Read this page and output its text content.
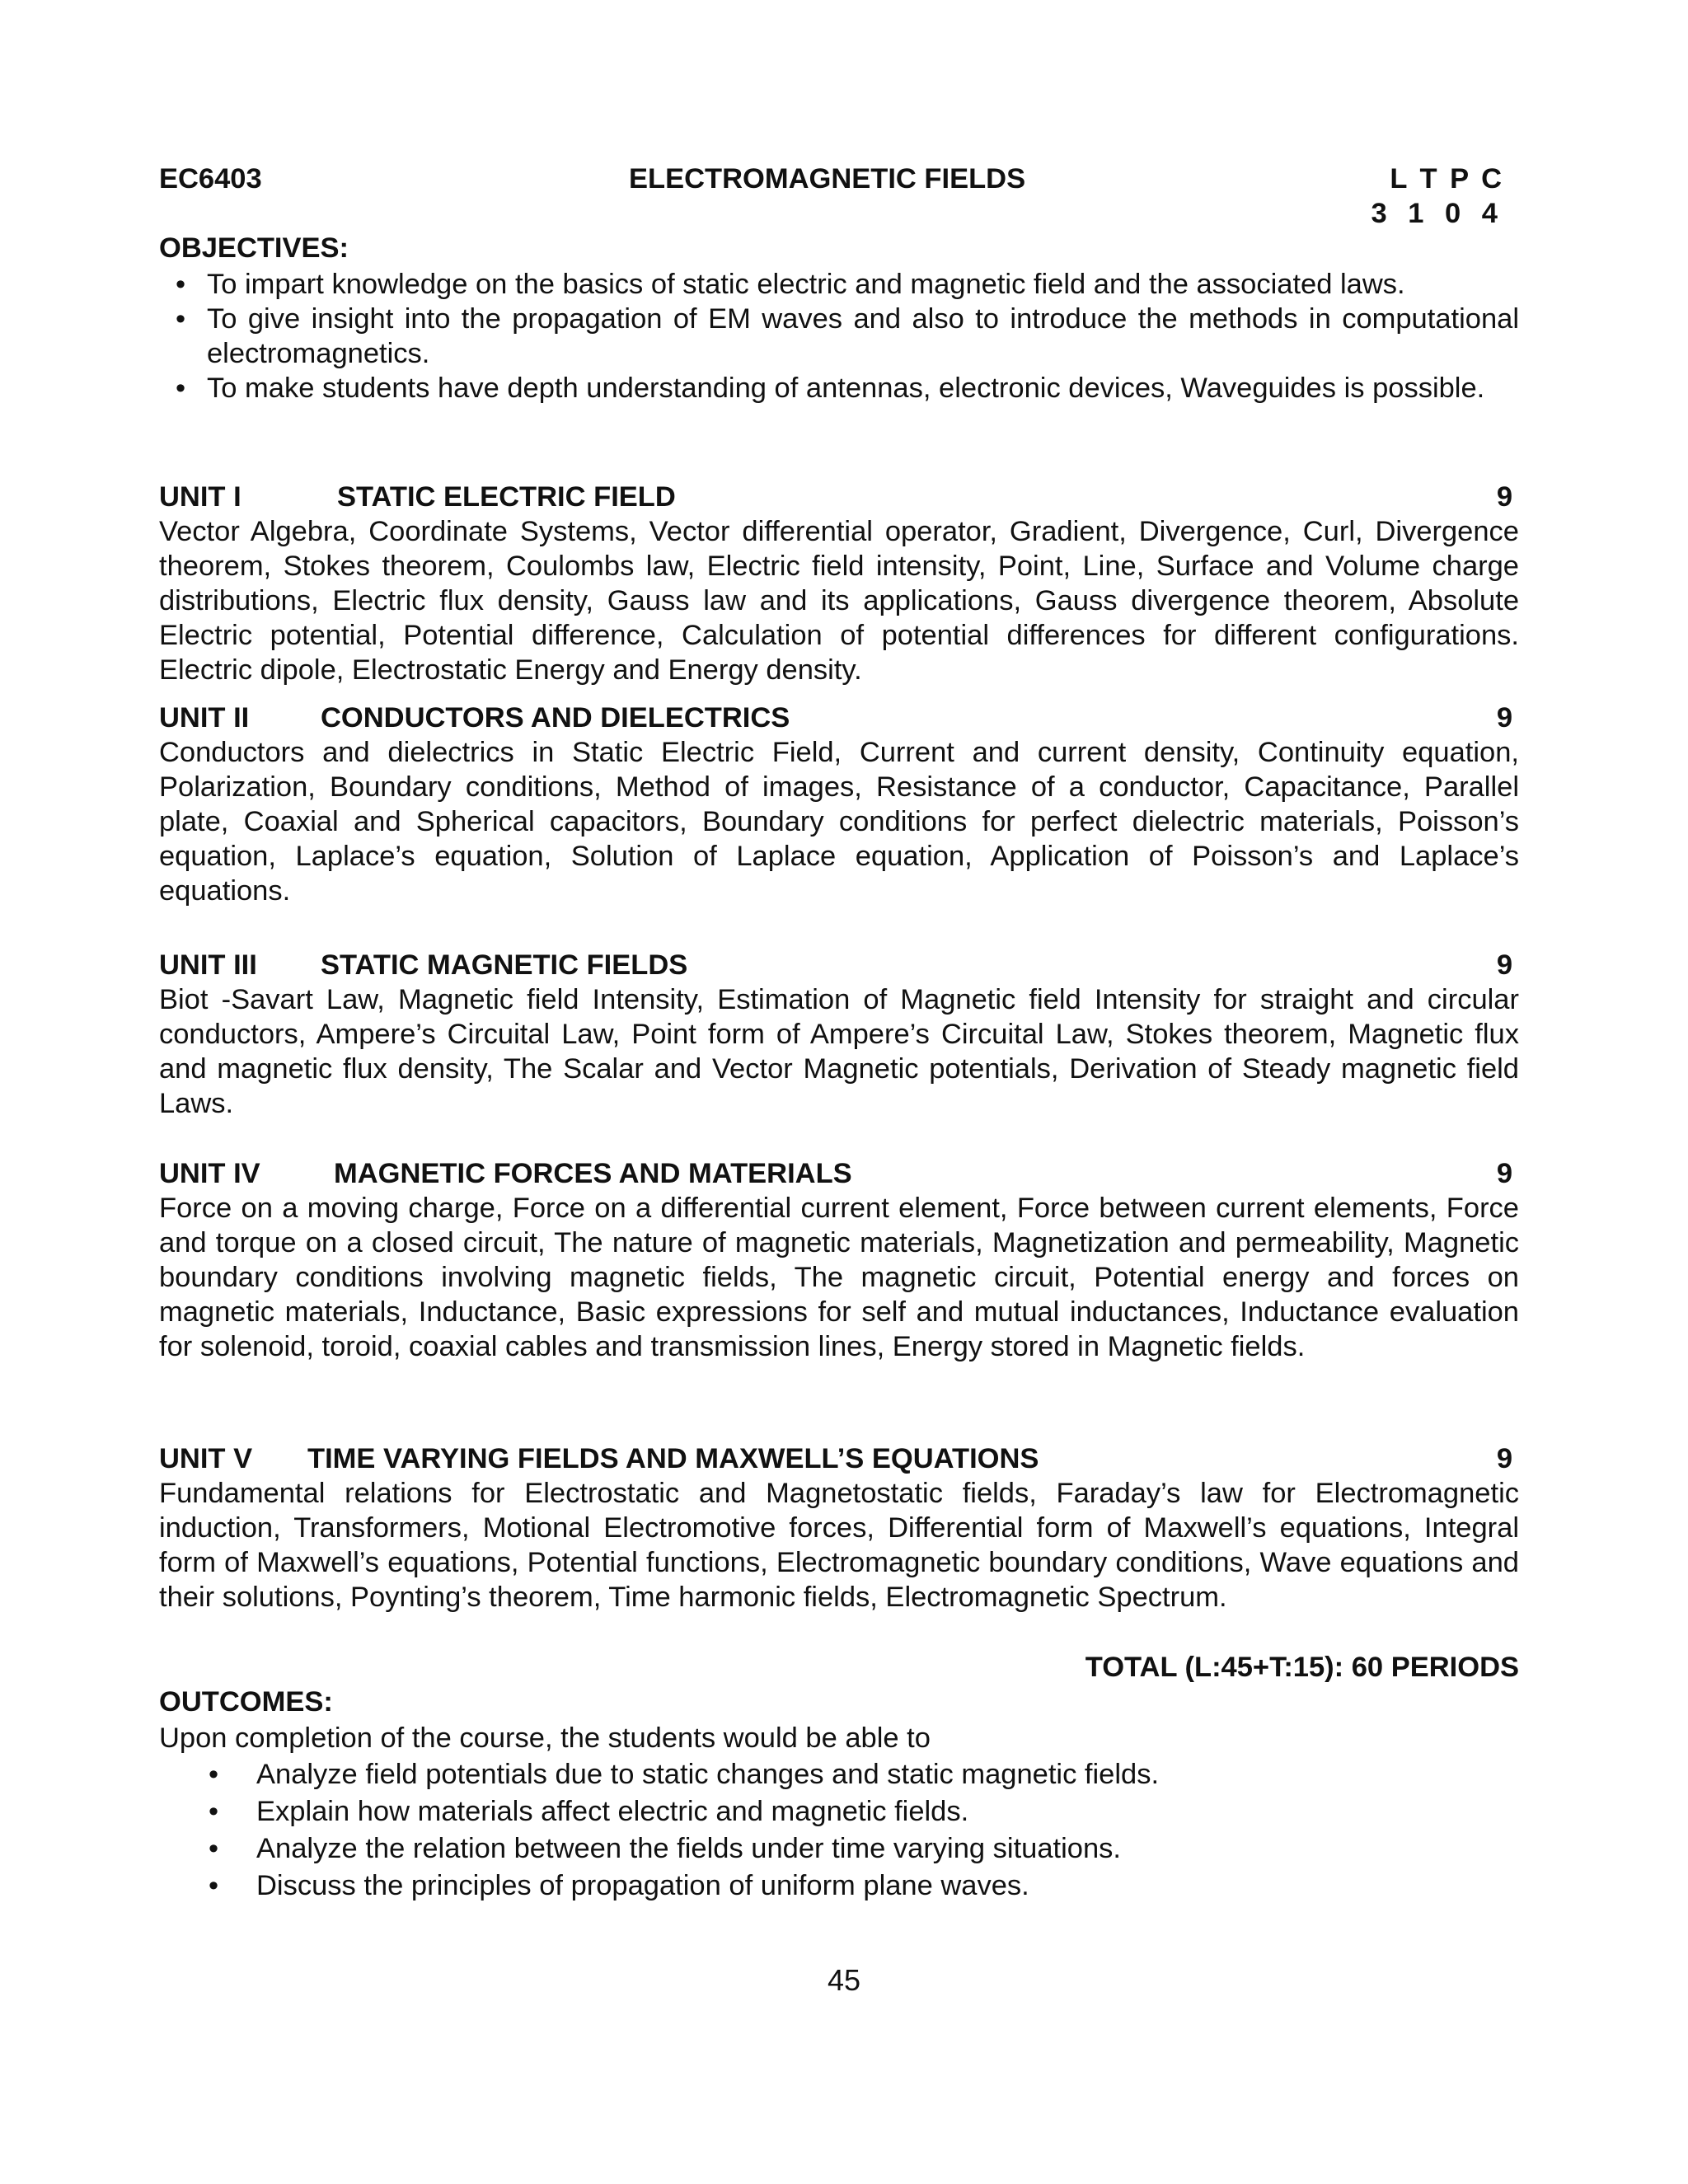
EC6403	ELECTROMAGNETIC FIELDS	L T P C
3 1 0 4
OBJECTIVES:
• To impart knowledge on the basics of static electric and magnetic field and the associated laws.
• To give insight into the propagation of EM waves and also to introduce the methods in computational electromagnetics.
• To make students have depth understanding of antennas, electronic devices, Waveguides is possible.
UNIT I	STATIC ELECTRIC FIELD	9
Vector Algebra, Coordinate Systems, Vector differential operator, Gradient, Divergence, Curl, Divergence theorem, Stokes theorem, Coulombs law, Electric field intensity, Point, Line, Surface and Volume charge distributions, Electric flux density, Gauss law and its applications, Gauss divergence theorem, Absolute Electric potential, Potential difference, Calculation of potential differences for different configurations. Electric dipole, Electrostatic Energy and Energy density.
UNIT II	CONDUCTORS AND DIELECTRICS	9
Conductors and dielectrics in Static Electric Field, Current and current density, Continuity equation, Polarization, Boundary conditions, Method of images, Resistance of a conductor, Capacitance, Parallel plate, Coaxial and Spherical capacitors, Boundary conditions for perfect dielectric materials, Poisson’s equation, Laplace’s equation, Solution of Laplace equation, Application of Poisson’s and Laplace’s equations.
UNIT III STATIC MAGNETIC FIELDS	9
Biot -Savart Law, Magnetic field Intensity, Estimation of Magnetic field Intensity for straight and circular conductors, Ampere’s Circuital Law, Point form of Ampere’s Circuital Law, Stokes theorem, Magnetic flux and magnetic flux density, The Scalar and Vector Magnetic potentials, Derivation of Steady magnetic field Laws.
UNIT IV	MAGNETIC FORCES AND MATERIALS	9
Force on a moving charge, Force on a differential current element, Force between current elements, Force and torque on a closed circuit, The nature of magnetic materials, Magnetization and permeability, Magnetic boundary conditions involving magnetic fields, The magnetic circuit, Potential energy and forces on magnetic materials, Inductance, Basic expressions for self and mutual inductances, Inductance evaluation for solenoid, toroid, coaxial cables and transmission lines, Energy stored in Magnetic fields.
UNIT V TIME VARYING FIELDS AND MAXWELL’S EQUATIONS	9
Fundamental relations for Electrostatic and Magnetostatic fields, Faraday’s law for Electromagnetic induction, Transformers, Motional Electromotive forces, Differential form of Maxwell’s equations, Integral form of Maxwell’s equations, Potential functions, Electromagnetic boundary conditions, Wave equations and their solutions, Poynting’s theorem, Time harmonic fields, Electromagnetic Spectrum.
TOTAL (L:45+T:15): 60 PERIODS
OUTCOMES:
Upon completion of the course, the students would be able to
• Analyze field potentials due to static changes and static magnetic fields.
• Explain how materials affect electric and magnetic fields.
• Analyze the relation between the fields under time varying situations.
• Discuss the principles of propagation of uniform plane waves.
45
